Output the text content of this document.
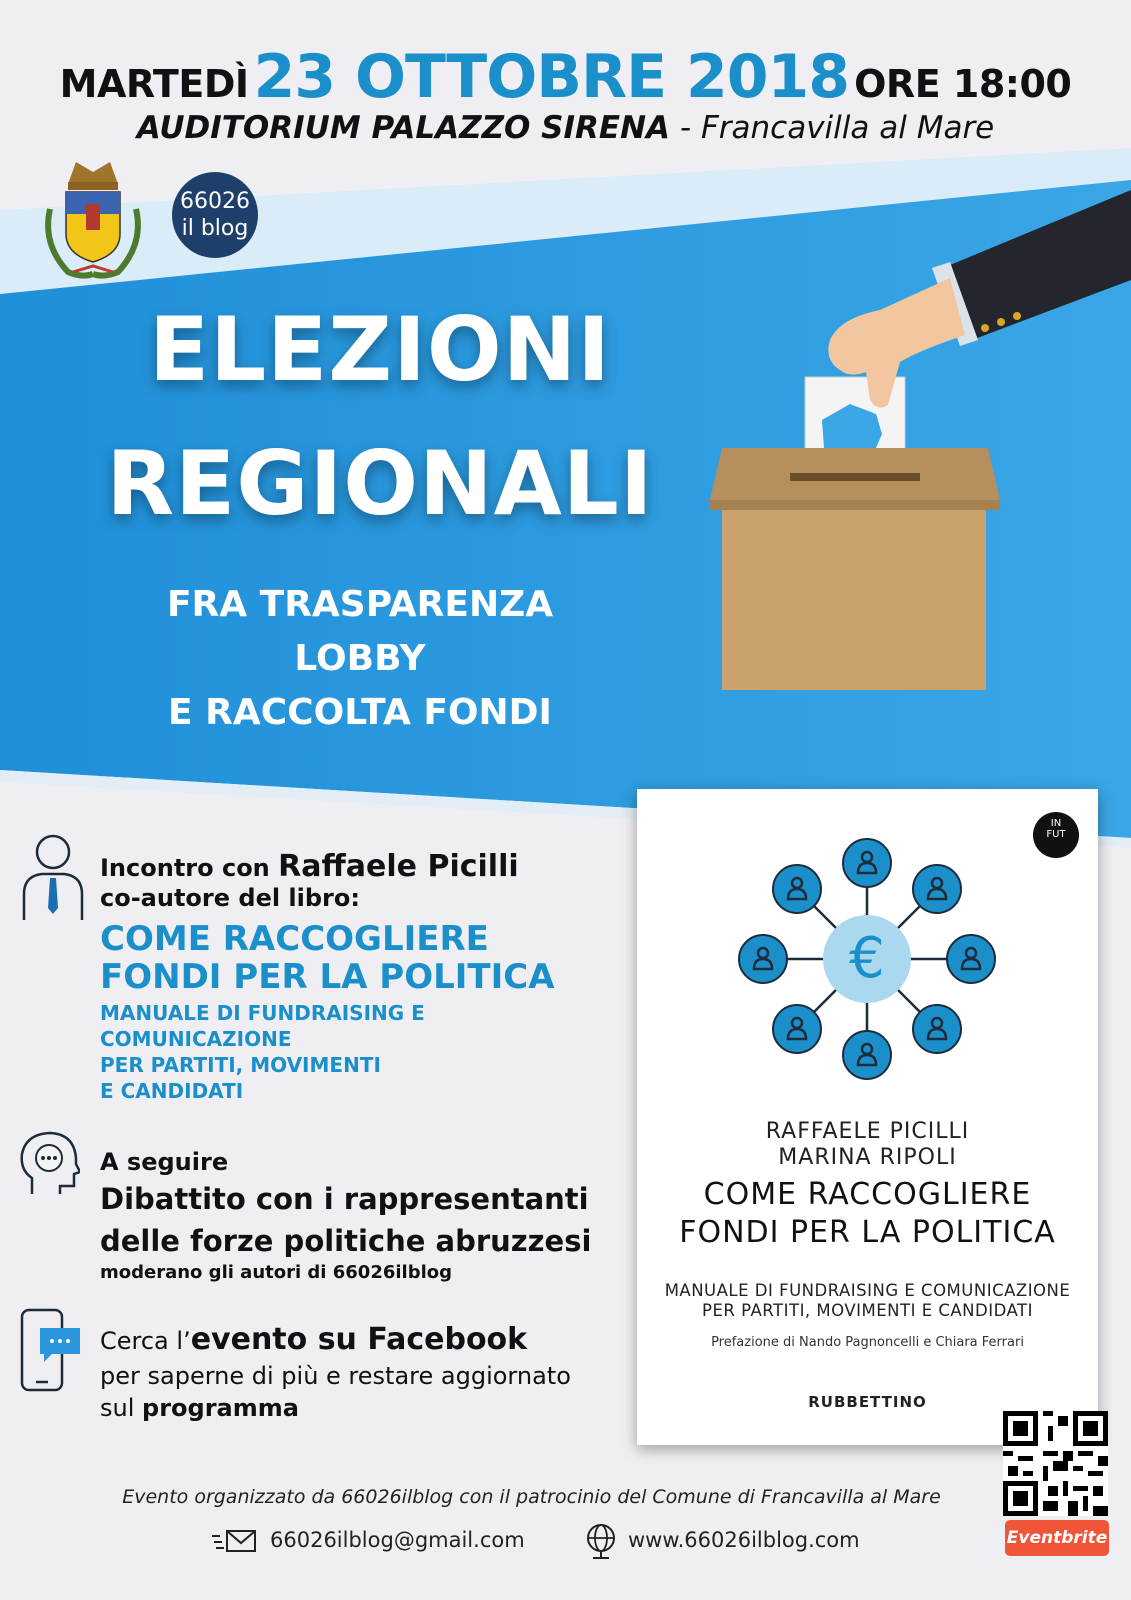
MARTEDÌ 23 OTTOBRE 2018 ORE 18:00
AUDITORIUM PALAZZO SIRENA - Francavilla al Mare
66026
il blog
ELEZIONI
REGIONALI
FRA TRASPARENZA
LOBBY
E RACCOLTA FONDI
Incontro con Raffaele Picilli
co-autore del libro:
COME RACCOGLIERE
FONDI PER LA POLITICA
MANUALE DI FUNDRAISING E
COMUNICAZIONE
PER PARTITI, MOVIMENTI
E CANDIDATI
A seguire
Dibattito con i rappresentanti
delle forze politiche abruzzesi
moderano gli autori di 66026ilblog
Cerca l’evento su Facebook
per saperne di più e restare aggiornato
sul programma
IN
FUT
€
RAFFAELE PICILLI
MARINA RIPOLI
COME RACCOGLIERE
FONDI PER LA POLITICA
MANUALE DI FUNDRAISING E COMUNICAZIONE
PER PARTITI, MOVIMENTI E CANDIDATI
Prefazione di Nando Pagnoncelli e Chiara Ferrari
RUBBETTINO
Eventbrite
Evento organizzato da 66026ilblog con il patrocinio del Comune di Francavilla al Mare
66026ilblog@gmail.com	www.66026ilblog.com
